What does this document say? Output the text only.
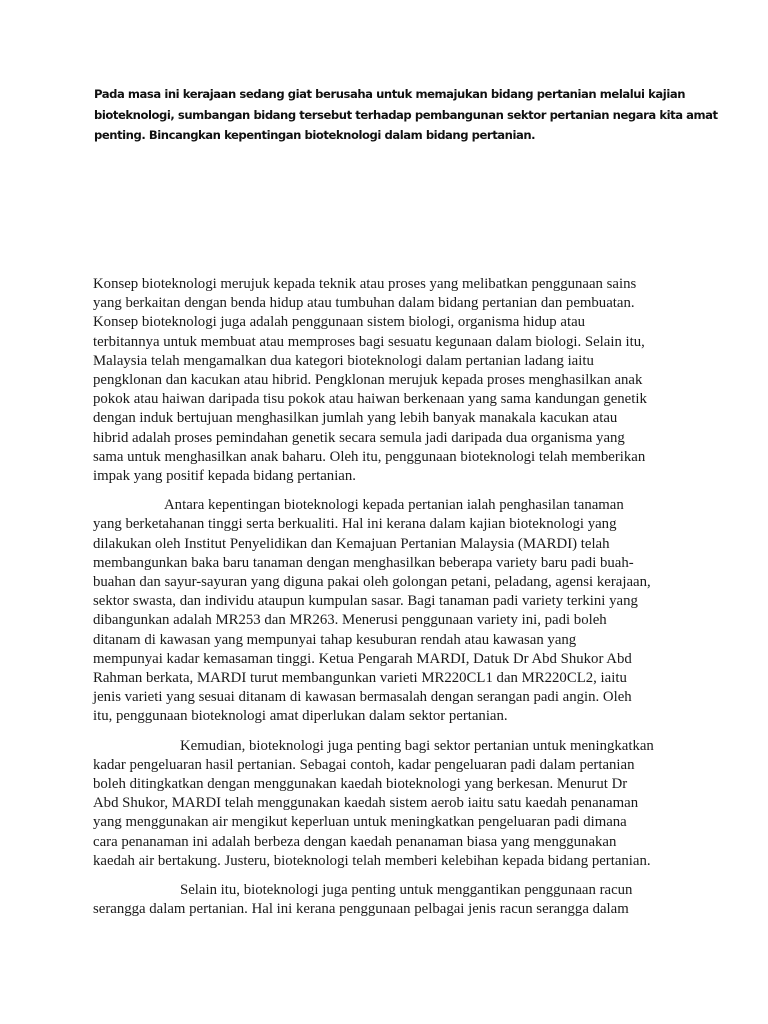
Pada masa ini kerajaan sedang giat berusaha untuk memajukan bidang pertanian melalui kajian
bioteknologi, sumbangan bidang tersebut terhadap pembangunan sektor pertanian negara kita amat
penting. Bincangkan kepentingan bioteknologi dalam bidang pertanian.
Konsep bioteknologi merujuk kepada teknik atau proses yang melibatkan penggunaan sains
yang berkaitan dengan benda hidup atau tumbuhan dalam bidang pertanian dan pembuatan.
Konsep bioteknologi juga adalah penggunaan sistem biologi, organisma hidup atau
terbitannya untuk membuat atau memproses bagi sesuatu kegunaan dalam biologi. Selain itu,
Malaysia telah mengamalkan dua kategori bioteknologi dalam pertanian ladang iaitu
pengklonan dan kacukan atau hibrid. Pengklonan merujuk kepada proses menghasilkan anak
pokok atau haiwan daripada tisu pokok atau haiwan berkenaan yang sama kandungan genetik
dengan induk bertujuan menghasilkan jumlah yang lebih banyak manakala kacukan atau
hibrid adalah proses pemindahan genetik secara semula jadi daripada dua organisma yang
sama untuk menghasilkan anak baharu. Oleh itu, penggunaan bioteknologi telah memberikan
impak yang positif kepada bidang pertanian.
Antara kepentingan bioteknologi kepada pertanian ialah penghasilan tanaman
yang berketahanan tinggi serta berkualiti. Hal ini kerana dalam kajian bioteknologi yang
dilakukan oleh Institut Penyelidikan dan Kemajuan Pertanian Malaysia (MARDI) telah
membangunkan baka baru tanaman dengan menghasilkan beberapa variety baru padi buah-
buahan dan sayur-sayuran yang diguna pakai oleh golongan petani, peladang, agensi kerajaan,
sektor swasta, dan individu ataupun kumpulan sasar. Bagi tanaman padi variety terkini yang
dibangunkan adalah MR253 dan MR263. Menerusi penggunaan variety ini, padi boleh
ditanam di kawasan yang mempunyai tahap kesuburan rendah atau kawasan yang
mempunyai kadar kemasaman tinggi. Ketua Pengarah MARDI, Datuk Dr Abd Shukor Abd
Rahman berkata, MARDI turut membangunkan varieti MR220CL1 dan MR220CL2, iaitu
jenis varieti yang sesuai ditanam di kawasan bermasalah dengan serangan padi angin. Oleh
itu, penggunaan bioteknologi amat diperlukan dalam sektor pertanian.
Kemudian, bioteknologi juga penting bagi sektor pertanian untuk meningkatkan
kadar pengeluaran hasil pertanian. Sebagai contoh, kadar pengeluaran padi dalam pertanian
boleh ditingkatkan dengan menggunakan kaedah bioteknologi yang berkesan. Menurut Dr
Abd Shukor, MARDI telah menggunakan kaedah sistem aerob iaitu satu kaedah penanaman
yang menggunakan air mengikut keperluan untuk meningkatkan pengeluaran padi dimana
cara penanaman ini adalah berbeza dengan kaedah penanaman biasa yang menggunakan
kaedah air bertakung. Justeru, bioteknologi telah memberi kelebihan kepada bidang pertanian.
Selain itu, bioteknologi juga penting untuk menggantikan penggunaan racun
serangga dalam pertanian. Hal ini kerana penggunaan pelbagai jenis racun serangga dalam
